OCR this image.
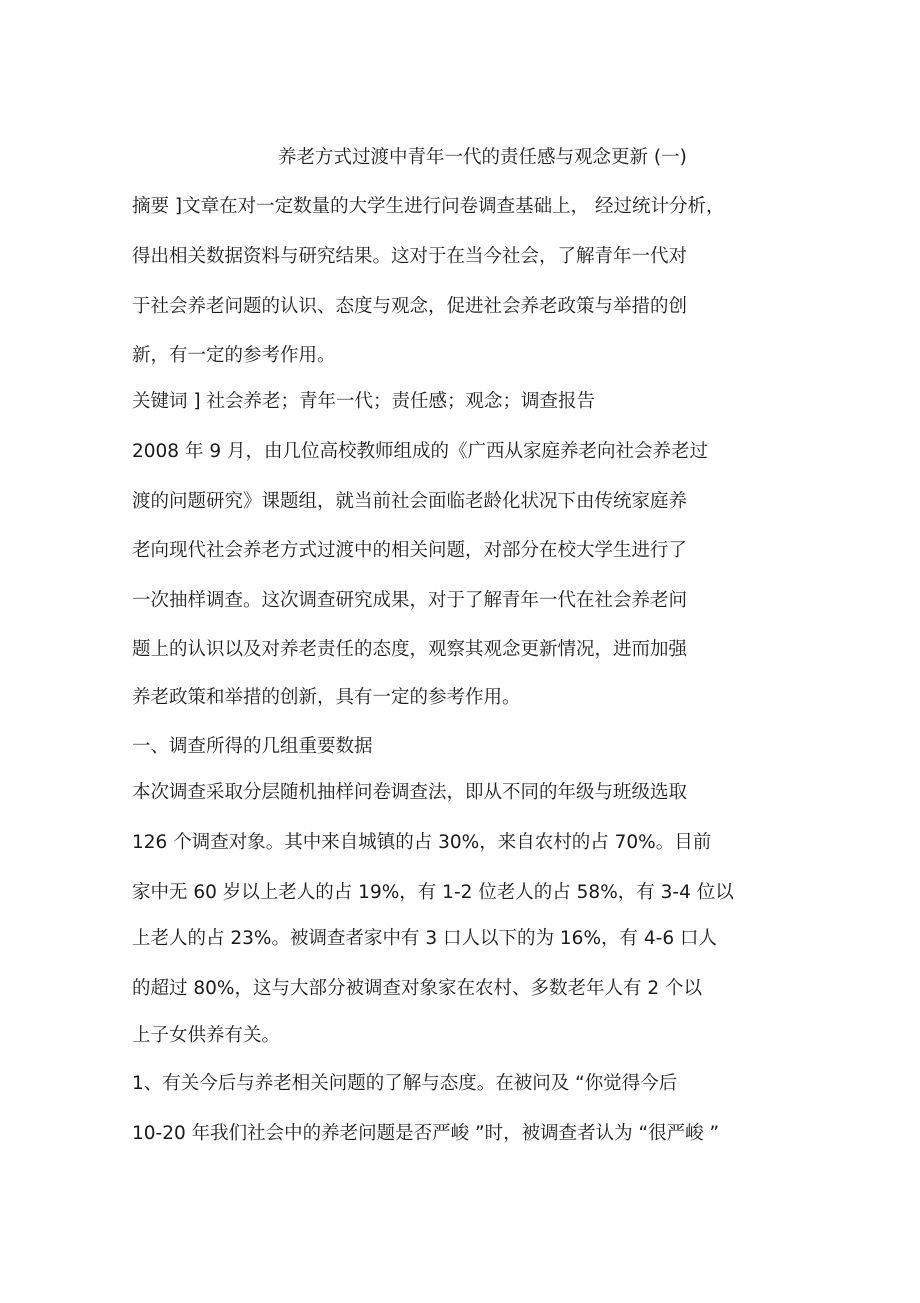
养老方式过渡中青年一代的责任感与观念更新 (一)

摘要 ]文章在对一定数量的大学生进行问卷调查基础上， 经过统计分析，

得出相关数据资料与研究结果。这对于在当今社会，了解青年一代对

于社会养老问题的认识、态度与观念，促进社会养老政策与举措的创

新，有一定的参考作用。

关键词 ] 社会养老；青年一代；责任感；观念；调查报告

2008 年 9 月，由几位高校教师组成的《广西从家庭养老向社会养老过

渡的问题研究》课题组，就当前社会面临老龄化状况下由传统家庭养

老向现代社会养老方式过渡中的相关问题，对部分在校大学生进行了

一次抽样调查。这次调查研究成果，对于了解青年一代在社会养老问

题上的认识以及对养老责任的态度，观察其观念更新情况，进而加强

养老政策和举措的创新，具有一定的参考作用。

一、调查所得的几组重要数据

本次调查采取分层随机抽样问卷调查法，即从不同的年级与班级选取

126 个调查对象。其中来自城镇的占 30%，来自农村的占 70%。目前

家中无 60 岁以上老人的占 19%，有 1-2 位老人的占 58%，有 3-4 位以

上老人的占 23%。被调查者家中有 3 口人以下的为 16%，有 4-6 口人

的超过 80%，这与大部分被调查对象家在农村、多数老年人有 2 个以

上子女供养有关。

1、有关今后与养老相关问题的了解与态度。在被问及 “你觉得今后

10-20 年我们社会中的养老问题是否严峻 ”时，被调查者认为 “很严峻 ”
